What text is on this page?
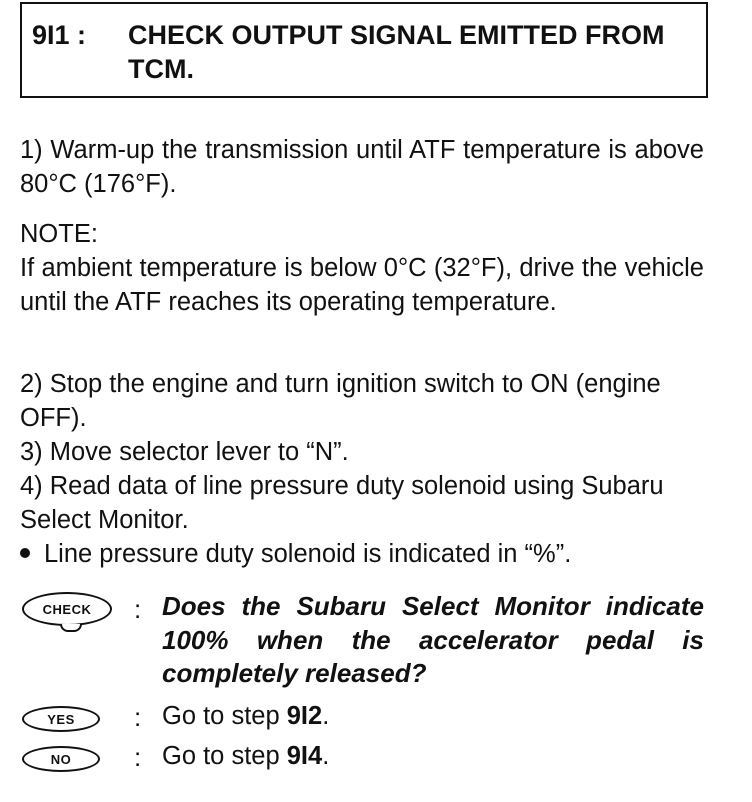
9I1 : CHECK OUTPUT SIGNAL EMITTED FROM TCM.
1) Warm-up the transmission until ATF temperature is above 80°C (176°F).
NOTE:
If ambient temperature is below 0°C (32°F), drive the vehicle until the ATF reaches its operating temperature.
2) Stop the engine and turn ignition switch to ON (engine OFF).
3) Move selector lever to “N”.
4) Read data of line pressure duty solenoid using Subaru Select Monitor.
Line pressure duty solenoid is indicated in “%”.
CHECK : Does the Subaru Select Monitor indicate 100% when the accelerator pedal is completely released?
YES : Go to step 9I2.
NO : Go to step 9I4.
